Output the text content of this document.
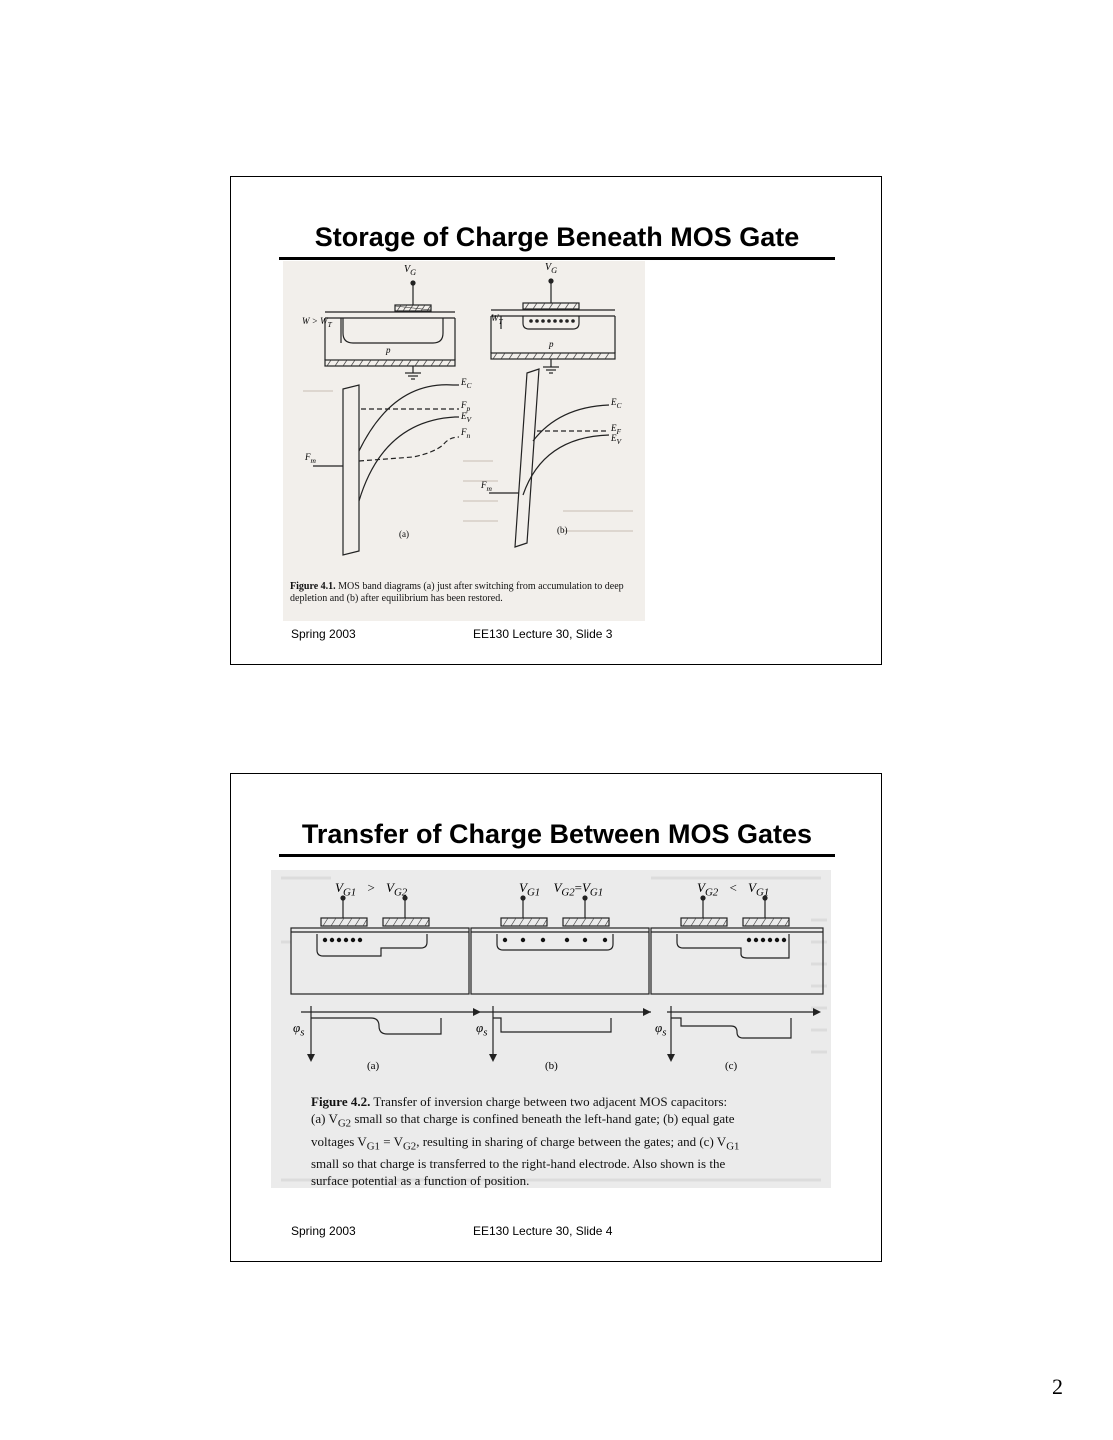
Storage of Charge Beneath MOS Gate
$V_G$	$V_G$
$W > W_T$
$W_T$
p
p
$E_C$
$F_p$
$E_V$
$F_n$
$F_m$
$E_C$
$E_F$
$E_V$
$F_m$
(a)	(b)
Figure 4.1. MOS band diagrams (a) just after switching from accumulation to deep depletion and (b) after equilibrium has been restored.
Spring 2003	EE130 Lecture 30, Slide 3
Transfer of Charge Between MOS Gates
$V_{G1} > V_{G2}$	$V_{G1}$ $V_{G2}=V_{G1}$	$V_{G2} < V_{G1}$
$\varphi_s$	$\varphi_s$	$\varphi_s$
(a)	(b)	(c)
Figure 4.2. Transfer of inversion charge between two adjacent MOS capacitors:
(a) $V_{G2}$ small so that charge is confined beneath the left-hand gate; (b) equal gate
voltages $V_{G1} = V_{G2}$, resulting in sharing of charge between the gates; and (c) $V_{G1}$
small so that charge is transferred to the right-hand electrode. Also shown is the
surface potential as a function of position.
Spring 2003	EE130 Lecture 30, Slide 4
2
